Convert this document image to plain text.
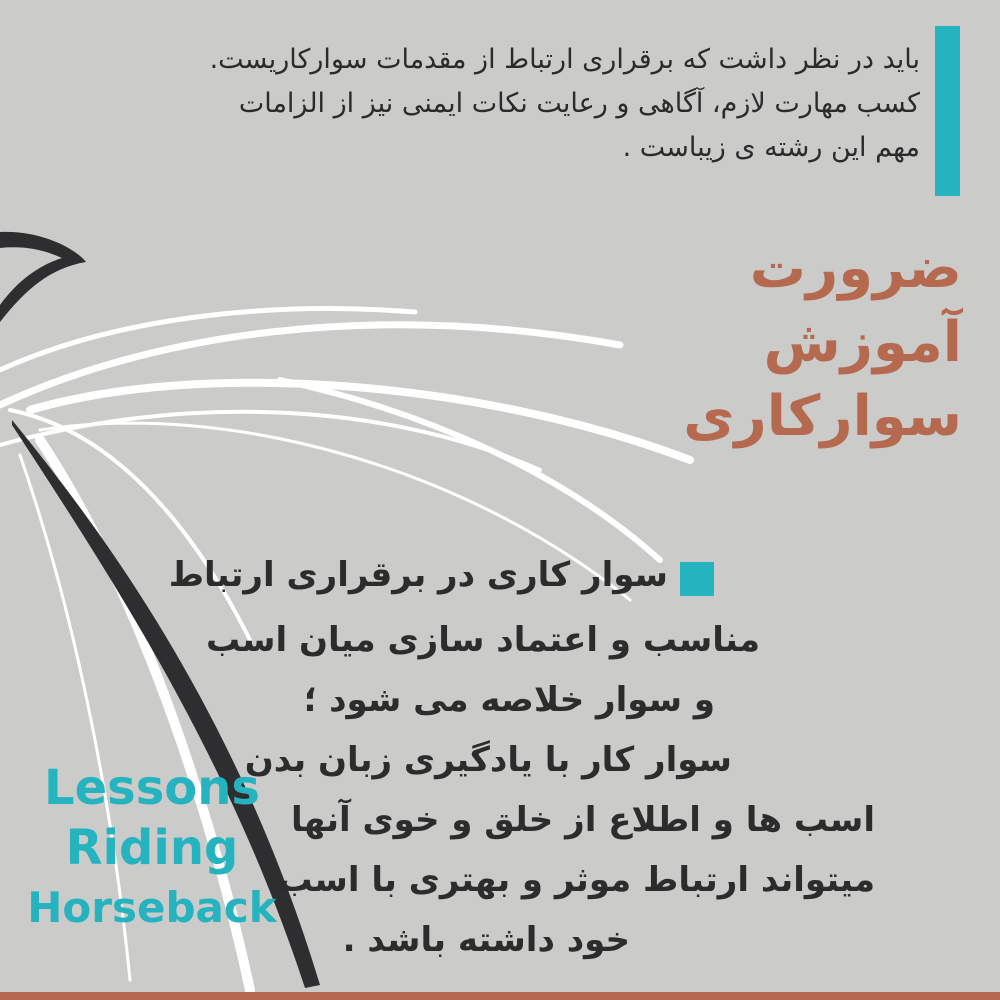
باید در نظر داشت که برقراری ارتباط از مقدمات سوارکاریست.

کسب مهارت لازم، آگاهی و رعایت نکات ایمنی نیز از الزامات

مهم این رشته ی زیباست .

ضرورت

آموزش

سوارکاری

سوار کاری در برقراری ارتباط

مناسب و اعتماد سازی میان اسب

و سوار خلاصه می شود ؛

سوار کار با یادگیری زبان بدن

اسب ها و اطلاع از خلق و خوی آنها

میتواند ارتباط موثر و بهتری با اسب

خود داشته باشد .

Lessons
Riding
Horseback
